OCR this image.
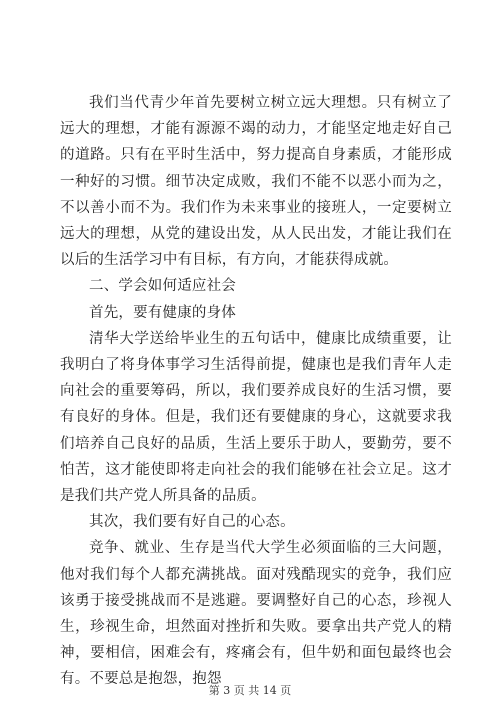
我们当代青少年首先要树立树立远大理想。只有树立了远大的理想，才能有源源不竭的动力，才能坚定地走好自己的道路。只有在平时生活中，努力提高自身素质，才能形成一种好的习惯。细节决定成败，我们不能不以恶小而为之，不以善小而不为。我们作为未来事业的接班人，一定要树立远大的理想，从党的建设出发，从人民出发，才能让我们在以后的生活学习中有目标，有方向，才能获得成就。

二、学会如何适应社会

首先，要有健康的身体

清华大学送给毕业生的五句话中，健康比成绩重要，让我明白了将身体事学习生活得前提，健康也是我们青年人走向社会的重要筹码，所以，我们要养成良好的生活习惯，要有良好的身体。但是，我们还有要健康的身心，这就要求我们培养自己良好的品质，生活上要乐于助人，要勤劳，要不怕苦，这才能使即将走向社会的我们能够在社会立足。这才是我们共产党人所具备的品质。

其次，我们要有好自己的心态。

竞争、就业、生存是当代大学生必须面临的三大问题，他对我们每个人都充满挑战。面对残酷现实的竞争，我们应该勇于接受挑战而不是逃避。要调整好自己的心态，珍视人生，珍视生命，坦然面对挫折和失败。要拿出共产党人的精神，要相信，困难会有，疼痛会有，但牛奶和面包最终也会有。不要总是抱怨，抱怨

第 3 页 共 14 页
